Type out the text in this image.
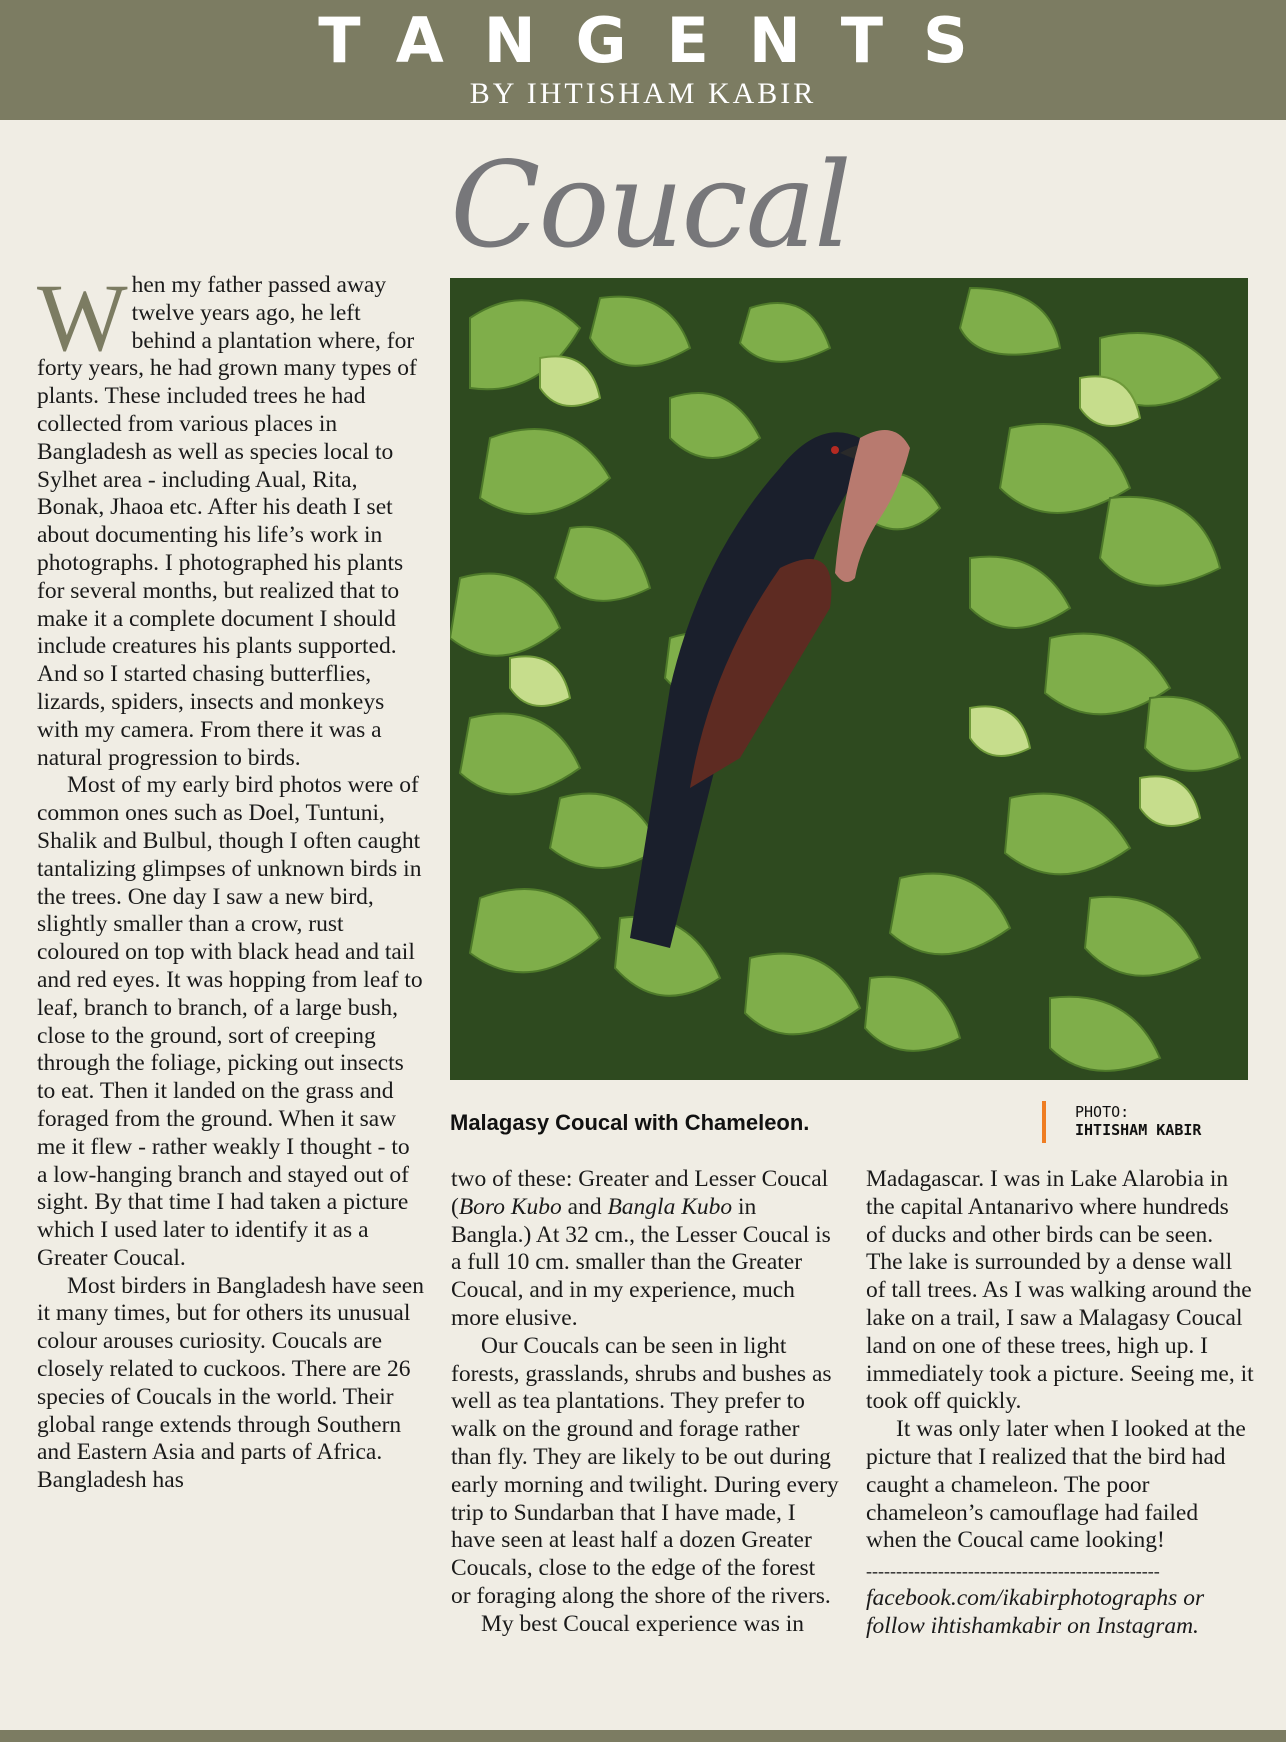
TANGENTS
BY IHTISHAM KABIR
Coucal

When my father passed away twelve years ago, he left behind a plantation where, for forty years, he had grown many types of plants. These included trees he had collected from various places in Bangladesh as well as species local to Sylhet area - including Aual, Rita, Bonak, Jhaoa etc. After his death I set about documenting his life’s work in photographs. I photographed his plants for several months, but realized that to make it a complete document I should include creatures his plants supported. And so I started chasing butterflies, lizards, spiders, insects and monkeys with my camera. From there it was a natural progression to birds.

Most of my early bird photos were of common ones such as Doel, Tuntuni, Shalik and Bulbul, though I often caught tantalizing glimpses of unknown birds in the trees. One day I saw a new bird, slightly smaller than a crow, rust coloured on top with black head and tail and red eyes. It was hopping from leaf to leaf, branch to branch, of a large bush, close to the ground, sort of creeping through the foliage, picking out insects to eat. Then it landed on the grass and foraged from the ground. When it saw me it flew - rather weakly I thought - to a low-hanging branch and stayed out of sight. By that time I had taken a picture which I used later to identify it as a Greater Coucal.

Most birders in Bangladesh have seen it many times, but for others its unusual colour arouses curiosity. Coucals are closely related to cuckoos. There are 26 species of Coucals in the world. Their global range extends through Southern and Eastern Asia and parts of Africa. Bangladesh has

Malagasy Coucal with Chameleon.	PHOTO:
IHTISHAM KABIR

two of these: Greater and Lesser Coucal (Boro Kubo and Bangla Kubo in Bangla.) At 32 cm., the Lesser Coucal is a full 10 cm. smaller than the Greater Coucal, and in my experience, much more elusive.

Our Coucals can be seen in light forests, grasslands, shrubs and bushes as well as tea plantations. They prefer to walk on the ground and forage rather than fly. They are likely to be out during early morning and twilight. During every trip to Sundarban that I have made, I have seen at least half a dozen Greater Coucals, close to the edge of the forest or foraging along the shore of the rivers.

My best Coucal experience was in

Madagascar. I was in Lake Alarobia in the capital Antanarivo where hundreds of ducks and other birds can be seen. The lake is surrounded by a dense wall of tall trees. As I was walking around the lake on a trail, I saw a Malagasy Coucal land on one of these trees, high up. I immediately took a picture. Seeing me, it took off quickly.

It was only later when I looked at the picture that I realized that the bird had caught a chameleon. The poor chameleon’s camouflage had failed when the Coucal came looking!

-------------------------------------------------
facebook.com/ikabirphotographs or follow ihtishamkabir on Instagram.
